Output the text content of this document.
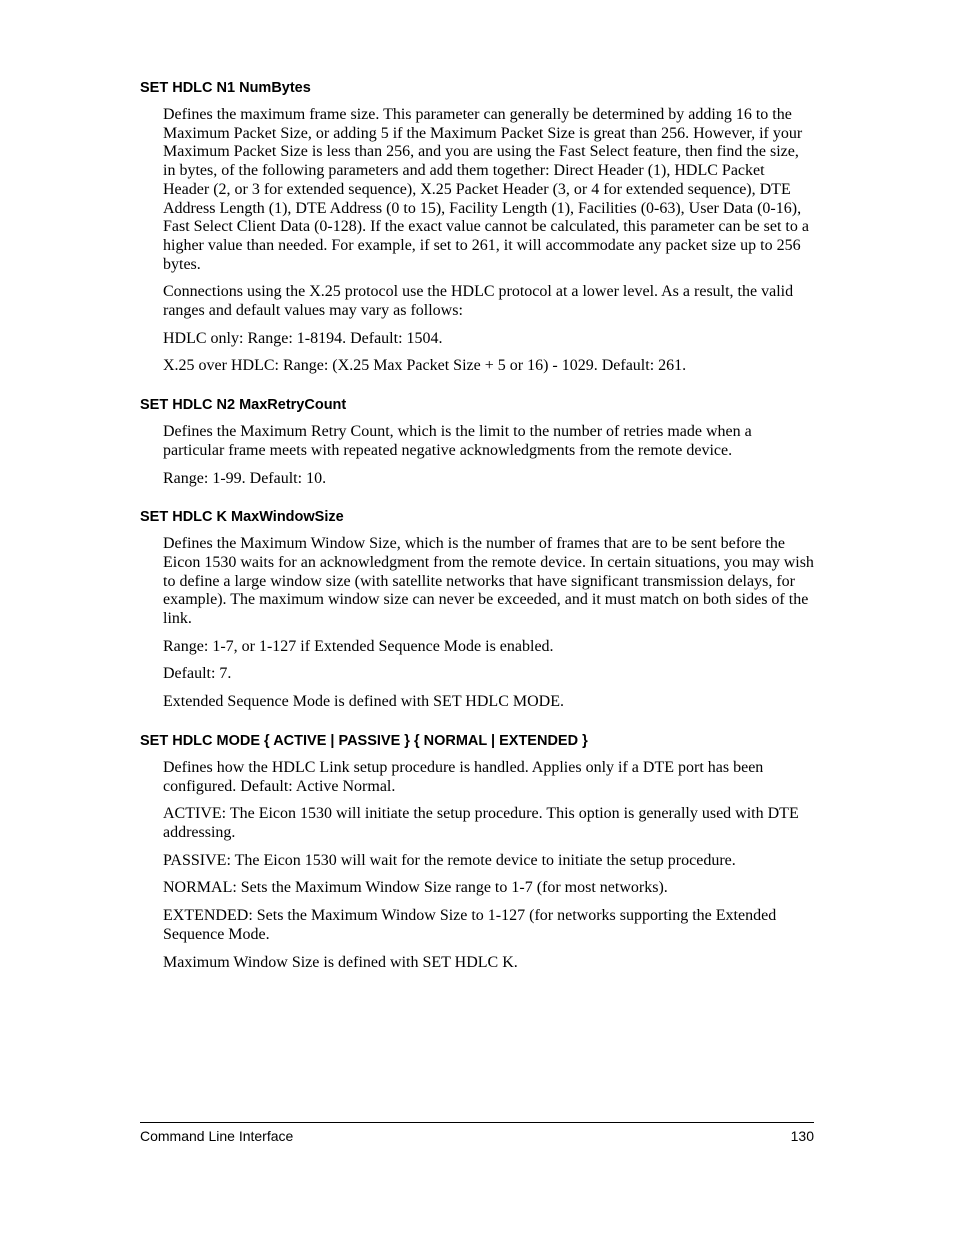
SET HDLC N1 NumBytes

Defines the maximum frame size. This parameter can generally be determined by adding 16 to the Maximum Packet Size, or adding 5 if the Maximum Packet Size is great than 256. However, if your Maximum Packet Size is less than 256, and you are using the Fast Select feature, then find the size, in bytes, of the following parameters and add them together: Direct Header (1), HDLC Packet Header (2, or 3 for extended sequence), X.25 Packet Header (3, or 4 for extended sequence), DTE Address Length (1), DTE Address (0 to 15), Facility Length (1), Facilities (0-63), User Data (0-16), Fast Select Client Data (0-128). If the exact value cannot be calculated, this parameter can be set to a higher value than needed. For example, if set to 261, it will accommodate any packet size up to 256 bytes.

Connections using the X.25 protocol use the HDLC protocol at a lower level. As a result, the valid ranges and default values may vary as follows:

HDLC only: Range: 1-8194. Default: 1504.

X.25 over HDLC: Range: (X.25 Max Packet Size + 5 or 16) - 1029. Default: 261.

SET HDLC N2 MaxRetryCount

Defines the Maximum Retry Count, which is the limit to the number of retries made when a particular frame meets with repeated negative acknowledgments from the remote device.

Range: 1-99. Default: 10.

SET HDLC K MaxWindowSize

Defines the Maximum Window Size, which is the number of frames that are to be sent before the Eicon 1530 waits for an acknowledgment from the remote device. In certain situations, you may wish to define a large window size (with satellite networks that have significant transmission delays, for example). The maximum window size can never be exceeded, and it must match on both sides of the link.

Range: 1-7, or 1-127 if Extended Sequence Mode is enabled.

Default: 7.

Extended Sequence Mode is defined with SET HDLC MODE.

SET HDLC MODE { ACTIVE | PASSIVE } { NORMAL | EXTENDED }

Defines how the HDLC Link setup procedure is handled. Applies only if a DTE port has been configured. Default: Active Normal.

ACTIVE: The Eicon 1530 will initiate the setup procedure. This option is generally used with DTE addressing.

PASSIVE: The Eicon 1530 will wait for the remote device to initiate the setup procedure.

NORMAL: Sets the Maximum Window Size range to 1-7 (for most networks).

EXTENDED: Sets the Maximum Window Size to 1-127 (for networks supporting the Extended Sequence Mode.

Maximum Window Size is defined with SET HDLC K.

Command Line Interface	130
